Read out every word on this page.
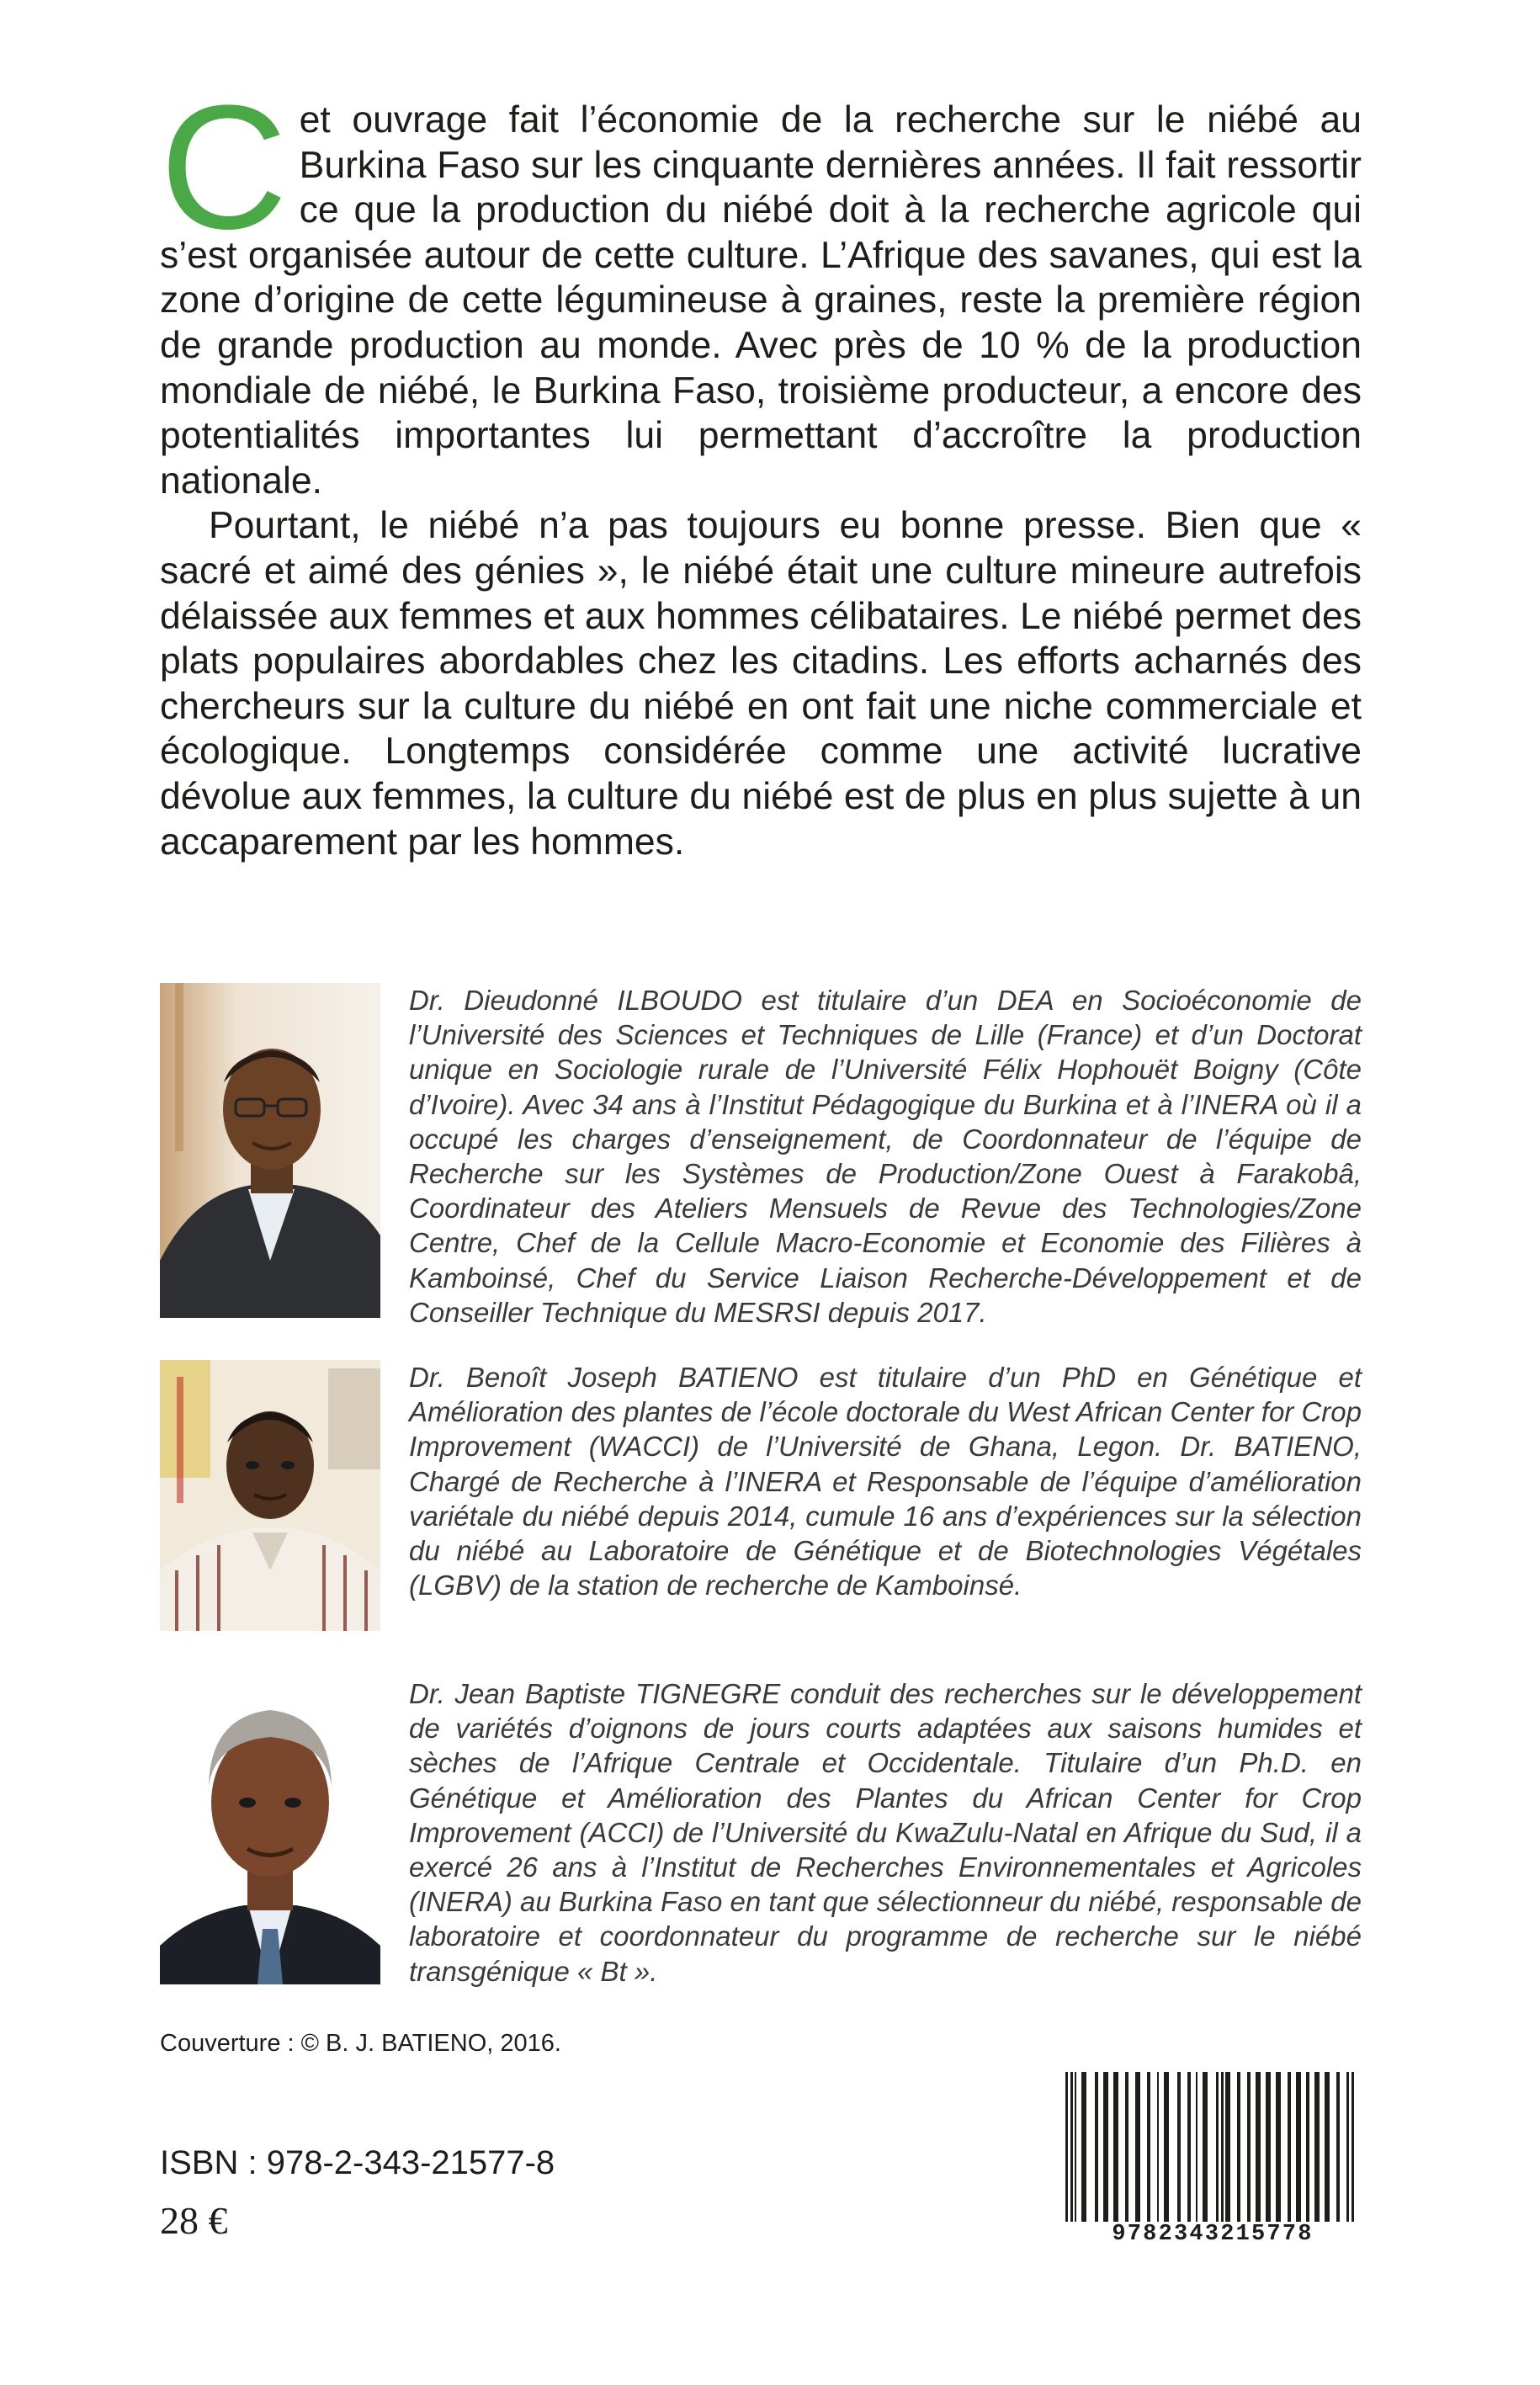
Cet ouvrage fait l’économie de la recherche sur le niébé au Burkina Faso sur les cinquante dernières années. Il fait ressortir ce que la production du niébé doit à la recherche agricole qui s’est organisée autour de cette culture. L’Afrique des savanes, qui est la zone d’origine de cette légumineuse à graines, reste la première région de grande production au monde. Avec près de 10 % de la production mondiale de niébé, le Burkina Faso, troisième producteur, a encore des potentialités importantes lui permettant d’accroître la production nationale.

Pourtant, le niébé n’a pas toujours eu bonne presse. Bien que « sacré et aimé des génies », le niébé était une culture mineure autrefois délaissée aux femmes et aux hommes célibataires. Le niébé permet des plats populaires abordables chez les citadins. Les efforts acharnés des chercheurs sur la culture du niébé en ont fait une niche commerciale et écologique. Longtemps considérée comme une activité lucrative dévolue aux femmes, la culture du niébé est de plus en plus sujette à un accaparement par les hommes.

Dr. Dieudonné ILBOUDO est titulaire d’un DEA en Socioéconomie de l’Université des Sciences et Techniques de Lille (France) et d’un Doctorat unique en Sociologie rurale de l’Université Félix Hophouët Boigny (Côte d’Ivoire). Avec 34 ans à l’Institut Pédagogique du Burkina et à l’INERA où il a occupé les charges d’enseignement, de Coordonnateur de l’équipe de Recherche sur les Systèmes de Production/Zone Ouest à Farakobâ, Coordinateur des Ateliers Mensuels de Revue des Technologies/Zone Centre, Chef de la Cellule Macro-Economie et Economie des Filières à Kamboinsé, Chef du Service Liaison Recherche-Développement et de Conseiller Technique du MESRSI depuis 2017.

Dr. Benoît Joseph BATIENO est titulaire d’un PhD en Génétique et Amélioration des plantes de l’école doctorale du West African Center for Crop Improvement (WACCI) de l’Université de Ghana, Legon. Dr. BATIENO, Chargé de Recherche à l’INERA et Responsable de l’équipe d’amélioration variétale du niébé depuis 2014, cumule 16 ans d’expériences sur la sélection du niébé au Laboratoire de Génétique et de Biotechnologies Végétales (LGBV) de la station de recherche de Kamboinsé.

Dr. Jean Baptiste TIGNEGRE conduit des recherches sur le développement de variétés d’oignons de jours courts adaptées aux saisons humides et sèches de l’Afrique Centrale et Occidentale. Titulaire d’un Ph.D. en Génétique et Amélioration des Plantes du African Center for Crop Improvement (ACCI) de l’Université du KwaZulu-Natal en Afrique du Sud, il a exercé 26 ans à l’Institut de Recherches Environnementales et Agricoles (INERA) au Burkina Faso en tant que sélectionneur du niébé, responsable de laboratoire et coordonnateur du programme de recherche sur le niébé transgénique « Bt ».

Couverture : © B. J. BATIENO, 2016.
ISBN : 978-2-343-21577-8
28 €	9782343215778
